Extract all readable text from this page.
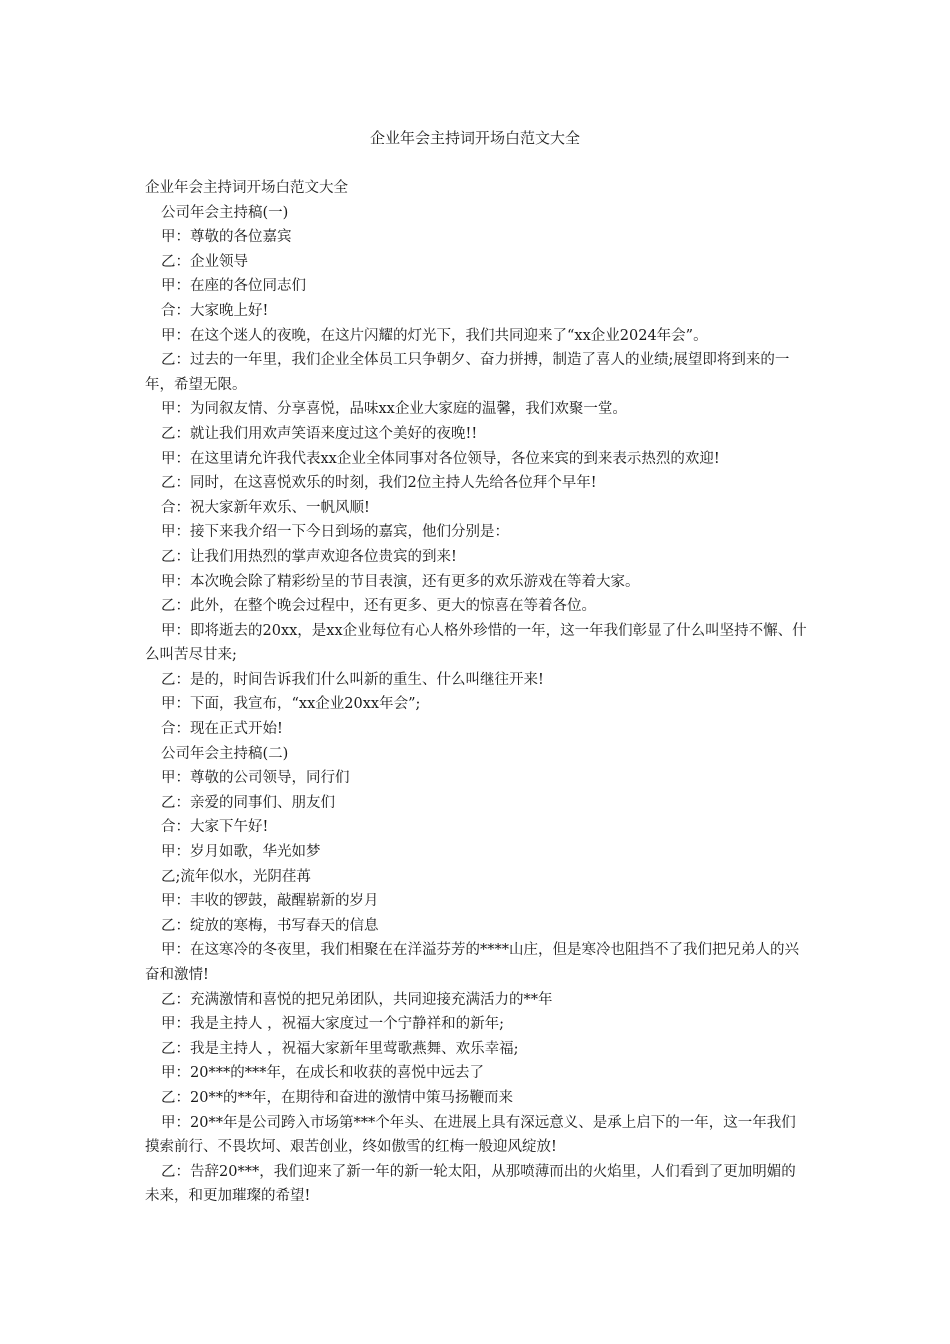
企业年会主持词开场白范文大全

企业年会主持词开场白范文大全

公司年会主持稿(一)

甲：尊敬的各位嘉宾

乙：企业领导

甲：在座的各位同志们

合：大家晚上好!

甲：在这个迷人的夜晚，在这片闪耀的灯光下，我们共同迎来了“xx企业2024年会”。

乙：过去的一年里，我们企业全体员工只争朝夕、奋力拼搏，制造了喜人的业绩;展望即将到来的一年，希望无限。

甲：为同叙友情、分享喜悦，品味xx企业大家庭的温馨，我们欢聚一堂。

乙：就让我们用欢声笑语来度过这个美好的夜晚!!

甲：在这里请允许我代表xx企业全体同事对各位领导，各位来宾的到来表示热烈的欢迎!

乙：同时，在这喜悦欢乐的时刻，我们2位主持人先给各位拜个早年!

合：祝大家新年欢乐、一帆风顺!

甲：接下来我介绍一下今日到场的嘉宾，他们分别是：

乙：让我们用热烈的掌声欢迎各位贵宾的到来!

甲：本次晚会除了精彩纷呈的节目表演，还有更多的欢乐游戏在等着大家。

乙：此外，在整个晚会过程中，还有更多、更大的惊喜在等着各位。

甲：即将逝去的20xx，是xx企业每位有心人格外珍惜的一年，这一年我们彰显了什么叫坚持不懈、什么叫苦尽甘来;

乙：是的，时间告诉我们什么叫新的重生、什么叫继往开来!

甲：下面，我宣布，“xx企业20xx年会”;

合：现在正式开始!

公司年会主持稿(二)

甲：尊敬的公司领导，同行们

乙：亲爱的同事们、朋友们

合：大家下午好!

甲：岁月如歌，华光如梦

乙;流年似水，光阴荏苒

甲：丰收的锣鼓，敲醒崭新的岁月

乙：绽放的寒梅，书写春天的信息

甲：在这寒冷的冬夜里，我们相聚在在洋溢芬芳的****山庄，但是寒冷也阻挡不了我们把兄弟人的兴奋和激情!

乙：充满激情和喜悦的把兄弟团队，共同迎接充满活力的**年

甲：我是主持人 ，祝福大家度过一个宁静祥和的新年;

乙：我是主持人 ，祝福大家新年里莺歌燕舞、欢乐幸福;

甲：20***的***年，在成长和收获的喜悦中远去了

乙：20**的**年，在期待和奋进的激情中策马扬鞭而来

甲：20**年是公司跨入市场第***个年头、在进展上具有深远意义、是承上启下的一年，这一年我们摸索前行、不畏坎坷、艰苦创业，终如傲雪的红梅一般迎风绽放!

乙：告辞20***，我们迎来了新一年的新一轮太阳，从那喷薄而出的火焰里，人们看到了更加明媚的未来，和更加璀璨的希望!
